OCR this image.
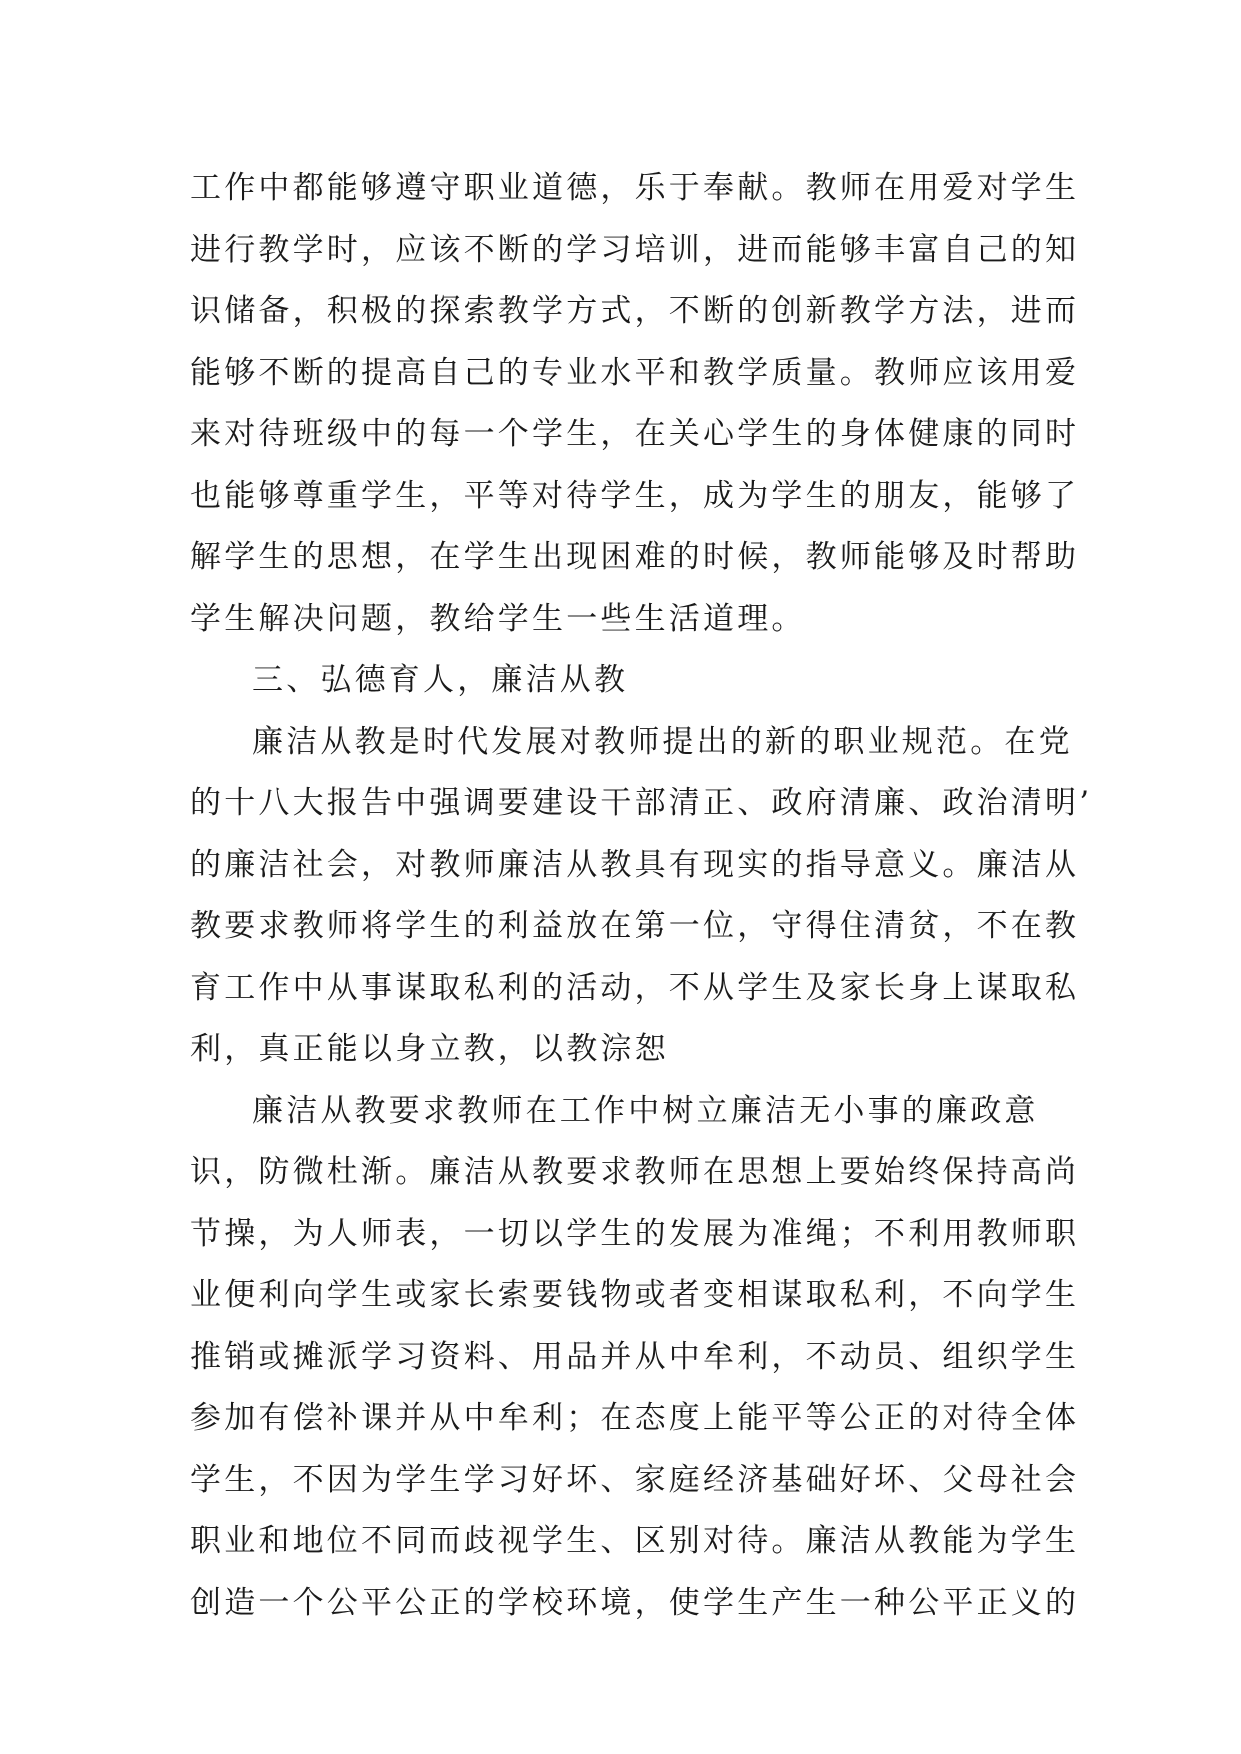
工作中都能够遵守职业道德，乐于奉献。教师在用爱对学生
进行教学时，应该不断的学习培训，进而能够丰富自己的知
识储备，积极的探索教学方式，不断的创新教学方法，进而
能够不断的提高自己的专业水平和教学质量。教师应该用爱
来对待班级中的每一个学生，在关心学生的身体健康的同时
也能够尊重学生，平等对待学生，成为学生的朋友，能够了
解学生的思想，在学生出现困难的时候，教师能够及时帮助
学生解决问题，教给学生一些生活道理。
三、弘德育人，廉洁从教
廉洁从教是时代发展对教师提出的新的职业规范。在党
的十八大报告中强调要建设干部清正、政府清廉、政治清明’
的廉洁社会，对教师廉洁从教具有现实的指导意义。廉洁从
教要求教师将学生的利益放在第一位，守得住清贫，不在教
育工作中从事谋取私利的活动，不从学生及家长身上谋取私
利，真正能以身立教，以教淙恕
廉洁从教要求教师在工作中树立廉洁无小事的廉政意
识，防微杜渐。廉洁从教要求教师在思想上要始终保持高尚
节操，为人师表，一切以学生的发展为准绳；不利用教师职
业便利向学生或家长索要钱物或者变相谋取私利，不向学生
推销或摊派学习资料、用品并从中牟利，不动员、组织学生
参加有偿补课并从中牟利；在态度上能平等公正的对待全体
学生，不因为学生学习好坏、家庭经济基础好坏、父母社会
职业和地位不同而歧视学生、区别对待。廉洁从教能为学生
创造一个公平公正的学校环境，使学生产生一种公平正义的
